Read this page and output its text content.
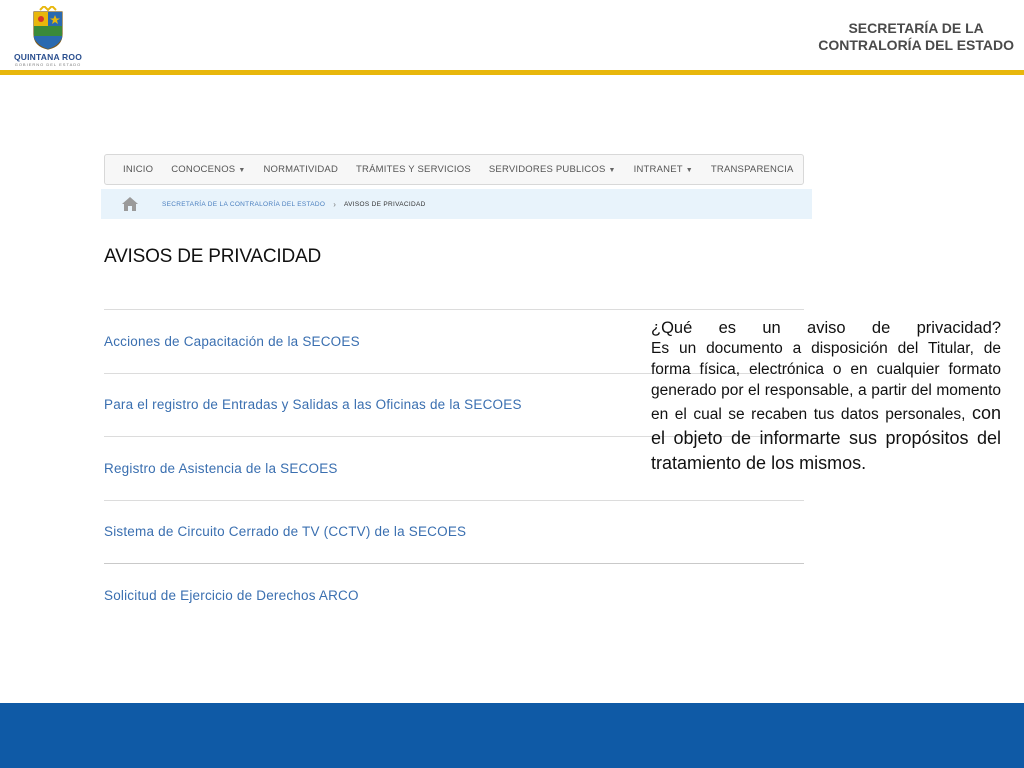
QUINTANA ROO
GOBIERNO DEL ESTADO
SECRETARÍA DE LA
CONTRALORÍA DEL ESTADO
INICIO CONOCENOS ▼ NORMATIVIDAD TRÁMITES Y SERVICIOS SERVIDORES PUBLICOS ▼ INTRANET ▼ TRANSPARENCIA
SECRETARÍA DE LA CONTRALORÍA DEL ESTADO › AVISOS DE PRIVACIDAD
AVISOS DE PRIVACIDAD
Acciones de Capacitación de la SECOES
Para el registro de Entradas y Salidas a las Oficinas de la SECOES
Registro de Asistencia de la SECOES
Sistema de Circuito Cerrado de TV (CCTV) de la SECOES
Solicitud de Ejercicio de Derechos ARCO
¿Qué es un aviso de privacidad?
Es un documento a disposición del Titular, de forma física, electrónica o en cualquier formato generado por el responsable, a partir del momento en el cual se recaben tus datos personales, con el objeto de informarte sus propósitos del tratamiento de los mismos.
